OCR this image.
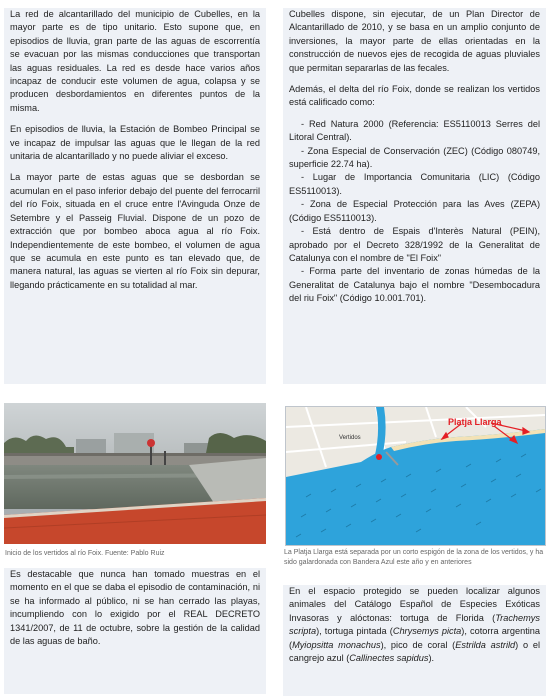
La red de alcantarillado del municipio de Cubelles, en la mayor parte es de tipo unitario. Esto supone que, en episodios de lluvia, gran parte de las aguas de escorrentía se evacuan por las mismas conducciones que transportan las aguas residuales. La red es desde hace varios años incapaz de conducir este volumen de agua, colapsa y se producen desbordamientos en diferentes puntos de la misma.

En episodios de lluvia, la Estación de Bombeo Principal se ve incapaz de impulsar las aguas que le llegan de la red unitaria de alcantarillado y no puede aliviar el exceso.

La mayor parte de estas aguas que se desbordan se acumulan en el paso inferior debajo del puente del ferrocarril del río Foix, situada en el cruce entre l'Avinguda Onze de Setembre y el Passeig Fluvial. Dispone de un pozo de extracción que por bombeo aboca agua al río Foix. Independientemente de este bombeo, el volumen de agua que se acumula en este punto es tan elevado que, de manera natural, las aguas se vierten al río Foix sin depurar, llegando prácticamente en su totalidad al mar.

Inicio de los vertidos al río Foix. Fuente: Pablo Ruiz

Es destacable que nunca han tomado muestras en el momento en el que se daba el episodio de contaminación, ni se ha informado al público, ni se han cerrado las playas, incumpliendo con lo exigido por el REAL DECRETO 1341/2007, de 11 de octubre, sobre la gestión de la calidad de las aguas de baño.

Cubelles dispone, sin ejecutar, de un Plan Director de Alcantarillado de 2010, y se basa en un amplio conjunto de inversiones, la mayor parte de ellas orientadas en la construcción de nuevos ejes de recogida de aguas pluviales que permitan separarlas de las fecales.

Además, el delta del río Foix, donde se realizan los vertidos está calificado como:

- Red Natura 2000 (Referencia: ES5110013 Serres del Litoral Central).
- Zona Especial de Conservación (ZEC) (Código 080749, superficie 22.74 ha).
- Lugar de Importancia Comunitaria (LIC) (Código ES5110013).
- Zona de Especial Protección para las Aves (ZEPA) (Código ES5110013).
- Está dentro de Espais d'Interès Natural (PEIN), aprobado por el Decreto 328/1992 de la Generalitat de Catalunya con el nombre de "El Foix"
- Forma parte del inventario de zonas húmedas de la Generalitat de Catalunya bajo el nombre "Desembocadura del riu Foix" (Código 10.001.701).
Platja Llarga
Vertidos
La Platja Llarga está separada por un corto espigón de la zona de los vertidos, y ha sido galardonada con Bandera Azul este año y en anteriores

En el espacio protegido se pueden localizar algunos animales del Catálogo Español de Especies Exóticas Invasoras y alóctonas: tortuga de Florida (Trachemys scripta), tortuga pintada (Chrysemys picta), cotorra argentina (Myiopsitta monachus), pico de coral (Estrilda astrild) o el cangrejo azul (Callinectes sapidus).
